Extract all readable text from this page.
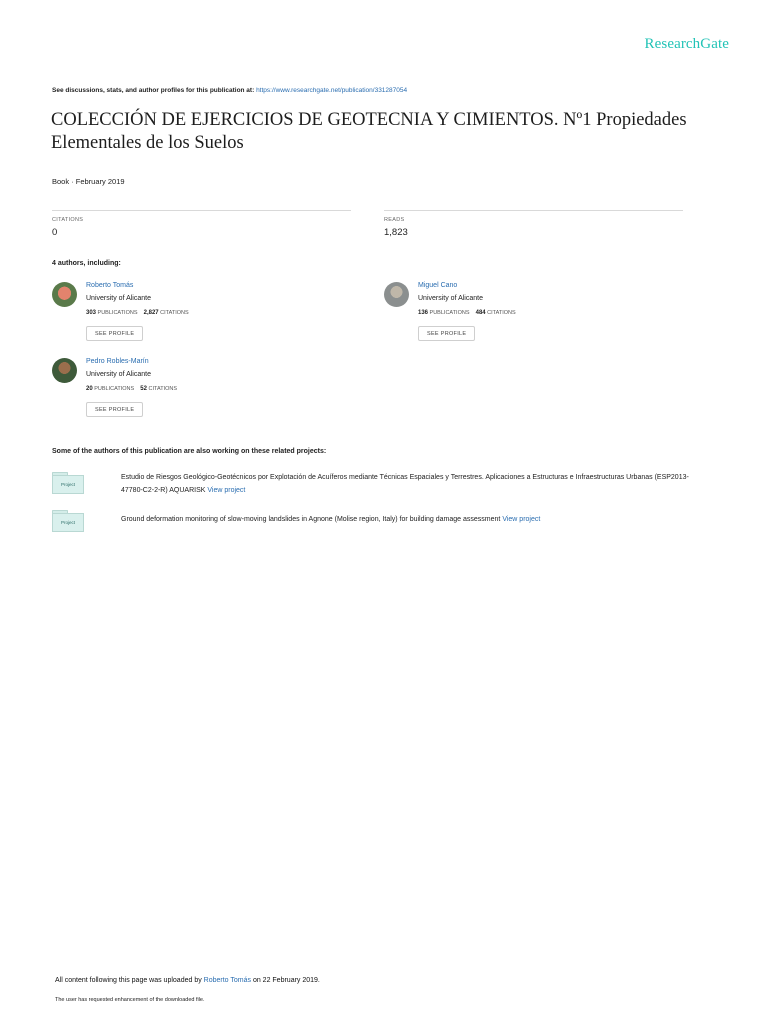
ResearchGate
See discussions, stats, and author profiles for this publication at: https://www.researchgate.net/publication/331287054
COLECCIÓN DE EJERCICIOS DE GEOTECNIA Y CIMIENTOS. Nº1 Propiedades Elementales de los Suelos
Book · February 2019
CITATIONS
0
READS
1,823
4 authors, including:
Roberto Tomás
University of Alicante
303 PUBLICATIONS 2,827 CITATIONS
SEE PROFILE
Miguel Cano
University of Alicante
136 PUBLICATIONS 484 CITATIONS
SEE PROFILE
Pedro Robles-Marín
University of Alicante
20 PUBLICATIONS 52 CITATIONS
SEE PROFILE
Some of the authors of this publication are also working on these related projects:
Project
Estudio de Riesgos Geológico-Geotécnicos por Explotación de Acuíferos mediante Técnicas Espaciales y Terrestres. Aplicaciones a Estructuras e Infraestructuras Urbanas (ESP2013-47780-C2-2-R) AQUARISK View project
Project	Ground deformation monitoring of slow-moving landslides in Agnone (Molise region, Italy) for building damage assessment View project
All content following this page was uploaded by Roberto Tomás on 22 February 2019.
The user has requested enhancement of the downloaded file.
